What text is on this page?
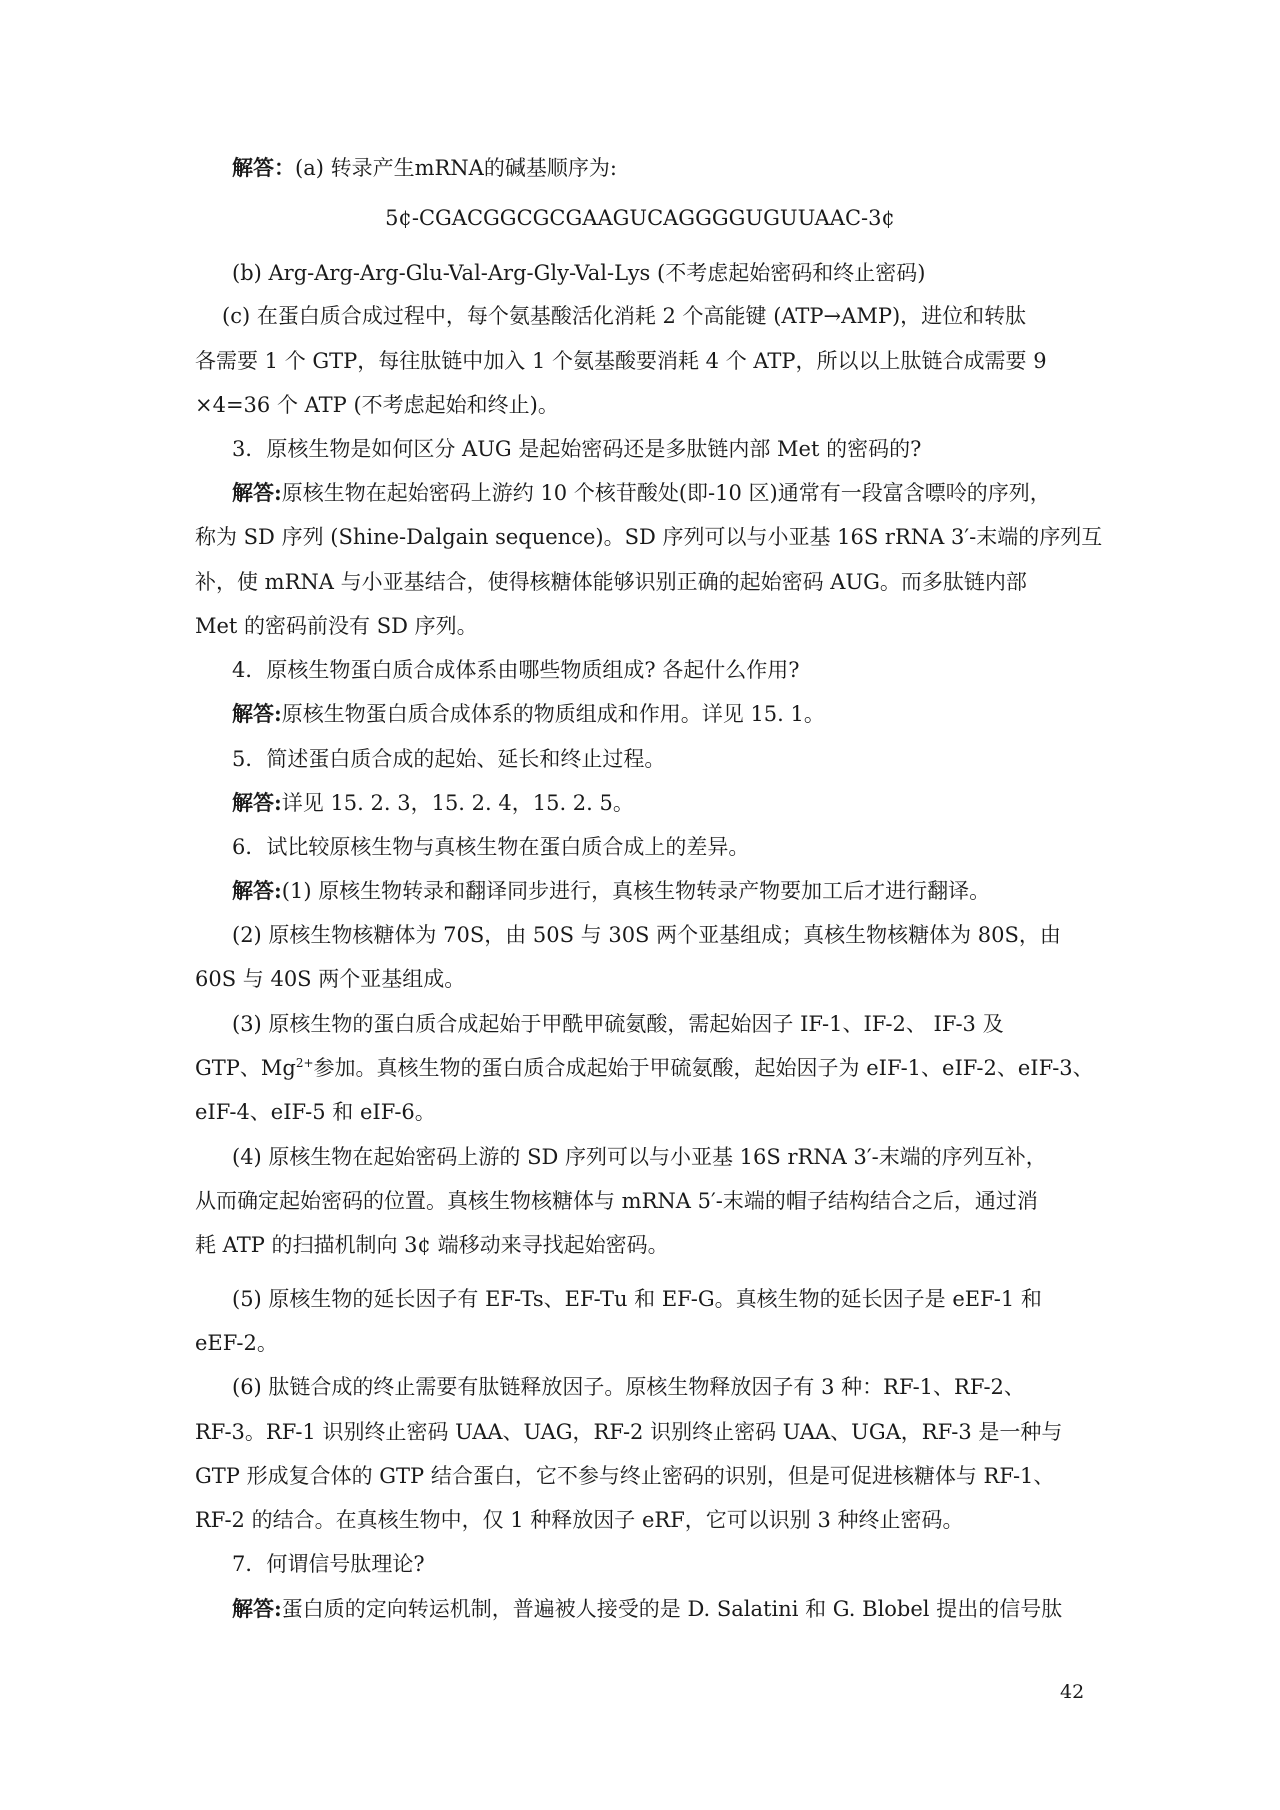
解答：(a) 转录产生mRNA的碱基顺序为:

5¢-CGACGGCGCGAAGUCAGGGGUGUUAAC-3¢

(b) Arg-Arg-Arg-Glu-Val-Arg-Gly-Val-Lys (不考虑起始密码和终止密码)

(c) 在蛋白质合成过程中，每个氨基酸活化消耗 2 个高能键 (ATP→AMP)，进位和转肽

各需要 1 个 GTP，每往肽链中加入 1 个氨基酸要消耗 4 个 ATP，所以以上肽链合成需要 9

×4=36 个 ATP (不考虑起始和终止)。

3．原核生物是如何区分 AUG 是起始密码还是多肽链内部 Met 的密码的?

解答:原核生物在起始密码上游约 10 个核苷酸处(即-10 区)通常有一段富含嘌呤的序列，

称为 SD 序列 (Shine-Dalgain sequence)。SD 序列可以与小亚基 16S rRNA 3′-末端的序列互

补，使 mRNA 与小亚基结合，使得核糖体能够识别正确的起始密码 AUG。而多肽链内部

Met 的密码前没有 SD 序列。

4．原核生物蛋白质合成体系由哪些物质组成? 各起什么作用?

解答:原核生物蛋白质合成体系的物质组成和作用。详见 15. 1。

5．简述蛋白质合成的起始、延长和终止过程。

解答:详见 15. 2. 3，15. 2. 4，15. 2. 5。

6．试比较原核生物与真核生物在蛋白质合成上的差异。

解答:(1) 原核生物转录和翻译同步进行，真核生物转录产物要加工后才进行翻译。

(2) 原核生物核糖体为 70S，由 50S 与 30S 两个亚基组成；真核生物核糖体为 80S，由

60S 与 40S 两个亚基组成。

(3) 原核生物的蛋白质合成起始于甲酰甲硫氨酸，需起始因子 IF-1、IF-2、 IF-3 及

GTP、$Mg^{2+}$参加。真核生物的蛋白质合成起始于甲硫氨酸，起始因子为 eIF-1、eIF-2、eIF-3、

eIF-4、eIF-5 和 eIF-6。

(4) 原核生物在起始密码上游的 SD 序列可以与小亚基 16S rRNA 3′-末端的序列互补，

从而确定起始密码的位置。真核生物核糖体与 mRNA 5′-末端的帽子结构结合之后，通过消

耗 ATP 的扫描机制向 3¢ 端移动来寻找起始密码。

(5) 原核生物的延长因子有 EF-Ts、EF-Tu 和 EF-G。真核生物的延长因子是 eEF-1 和

eEF-2。

(6) 肽链合成的终止需要有肽链释放因子。原核生物释放因子有 3 种：RF-1、RF-2、

RF-3。RF-1 识别终止密码 UAA、UAG，RF-2 识别终止密码 UAA、UGA，RF-3 是一种与

GTP 形成复合体的 GTP 结合蛋白，它不参与终止密码的识别，但是可促进核糖体与 RF-1、

RF-2 的结合。在真核生物中，仅 1 种释放因子 eRF，它可以识别 3 种终止密码。

7．何谓信号肽理论?

解答:蛋白质的定向转运机制，普遍被人接受的是 D. Salatini 和 G. Blobel 提出的信号肽

42
